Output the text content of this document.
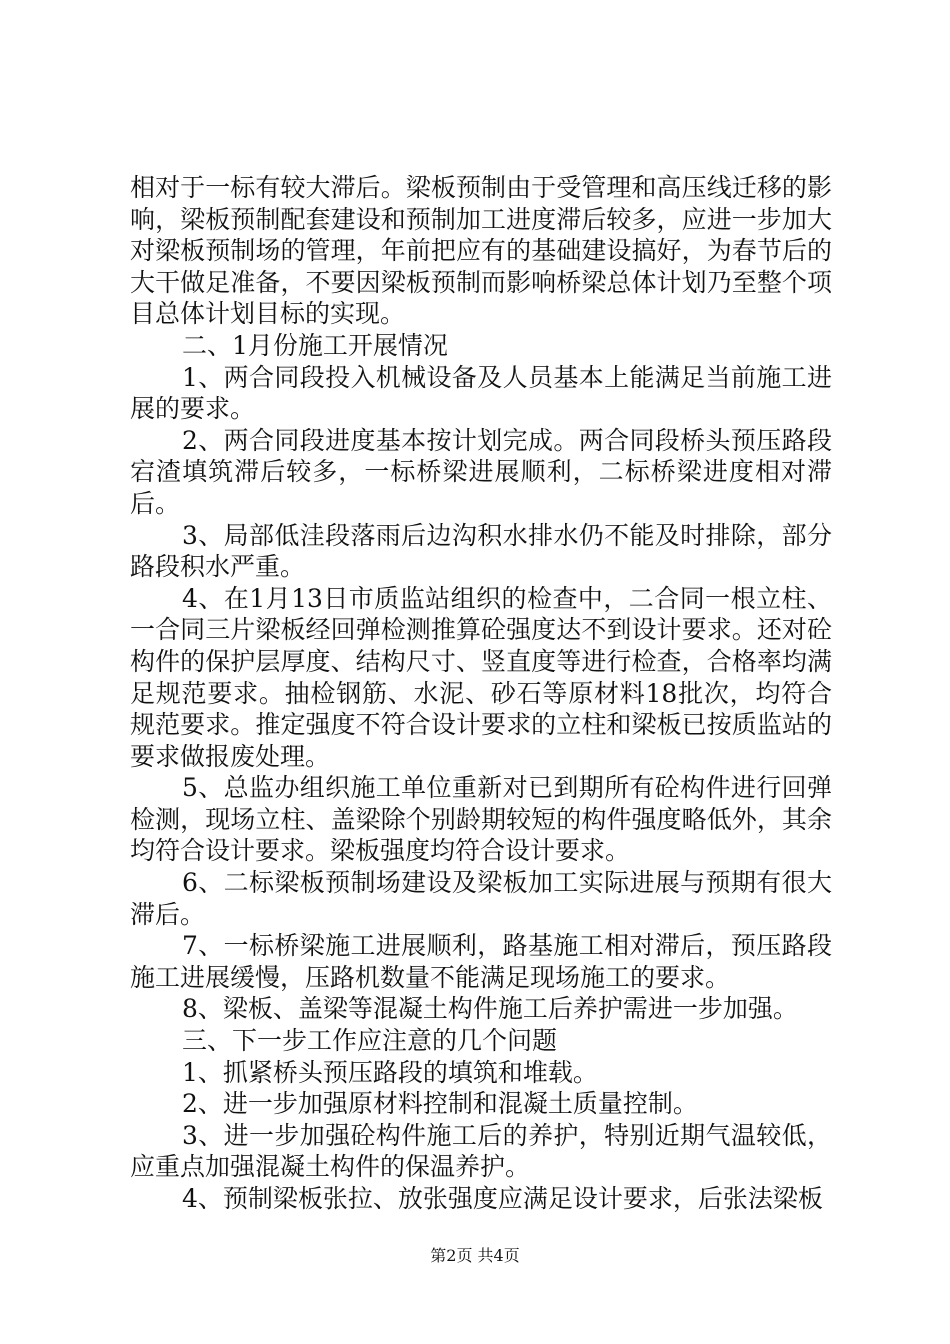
相对于一标有较大滞后。梁板预制由于受管理和高压线迁移的影响，梁板预制配套建设和预制加工进度滞后较多，应进一步加大对梁板预制场的管理，年前把应有的基础建设搞好，为春节后的大干做足准备，不要因梁板预制而影响桥梁总体计划乃至整个项目总体计划目标的实现。

二、1月份施工开展情况

1、两合同段投入机械设备及人员基本上能满足当前施工进展的要求。

2、两合同段进度基本按计划完成。两合同段桥头预压路段宕渣填筑滞后较多，一标桥梁进展顺利，二标桥梁进度相对滞后。

3、局部低洼段落雨后边沟积水排水仍不能及时排除，部分路段积水严重。

4、在1月13日市质监站组织的检查中，二合同一根立柱、一合同三片梁板经回弹检测推算砼强度达不到设计要求。还对砼构件的保护层厚度、结构尺寸、竖直度等进行检查，合格率均满足规范要求。抽检钢筋、水泥、砂石等原材料18批次，均符合规范要求。推定强度不符合设计要求的立柱和梁板已按质监站的要求做报废处理。

5、总监办组织施工单位重新对已到期所有砼构件进行回弹检测，现场立柱、盖梁除个别龄期较短的构件强度略低外，其余均符合设计要求。梁板强度均符合设计要求。

6、二标梁板预制场建设及梁板加工实际进展与预期有很大滞后。

7、一标桥梁施工进展顺利，路基施工相对滞后，预压路段施工进展缓慢，压路机数量不能满足现场施工的要求。

8、梁板、盖梁等混凝土构件施工后养护需进一步加强。

三、下一步工作应注意的几个问题

1、抓紧桥头预压路段的填筑和堆载。

2、进一步加强原材料控制和混凝土质量控制。

3、进一步加强砼构件施工后的养护，特别近期气温较低，应重点加强混凝土构件的保温养护。

4、预制梁板张拉、放张强度应满足设计要求，后张法梁板

第2页 共4页
